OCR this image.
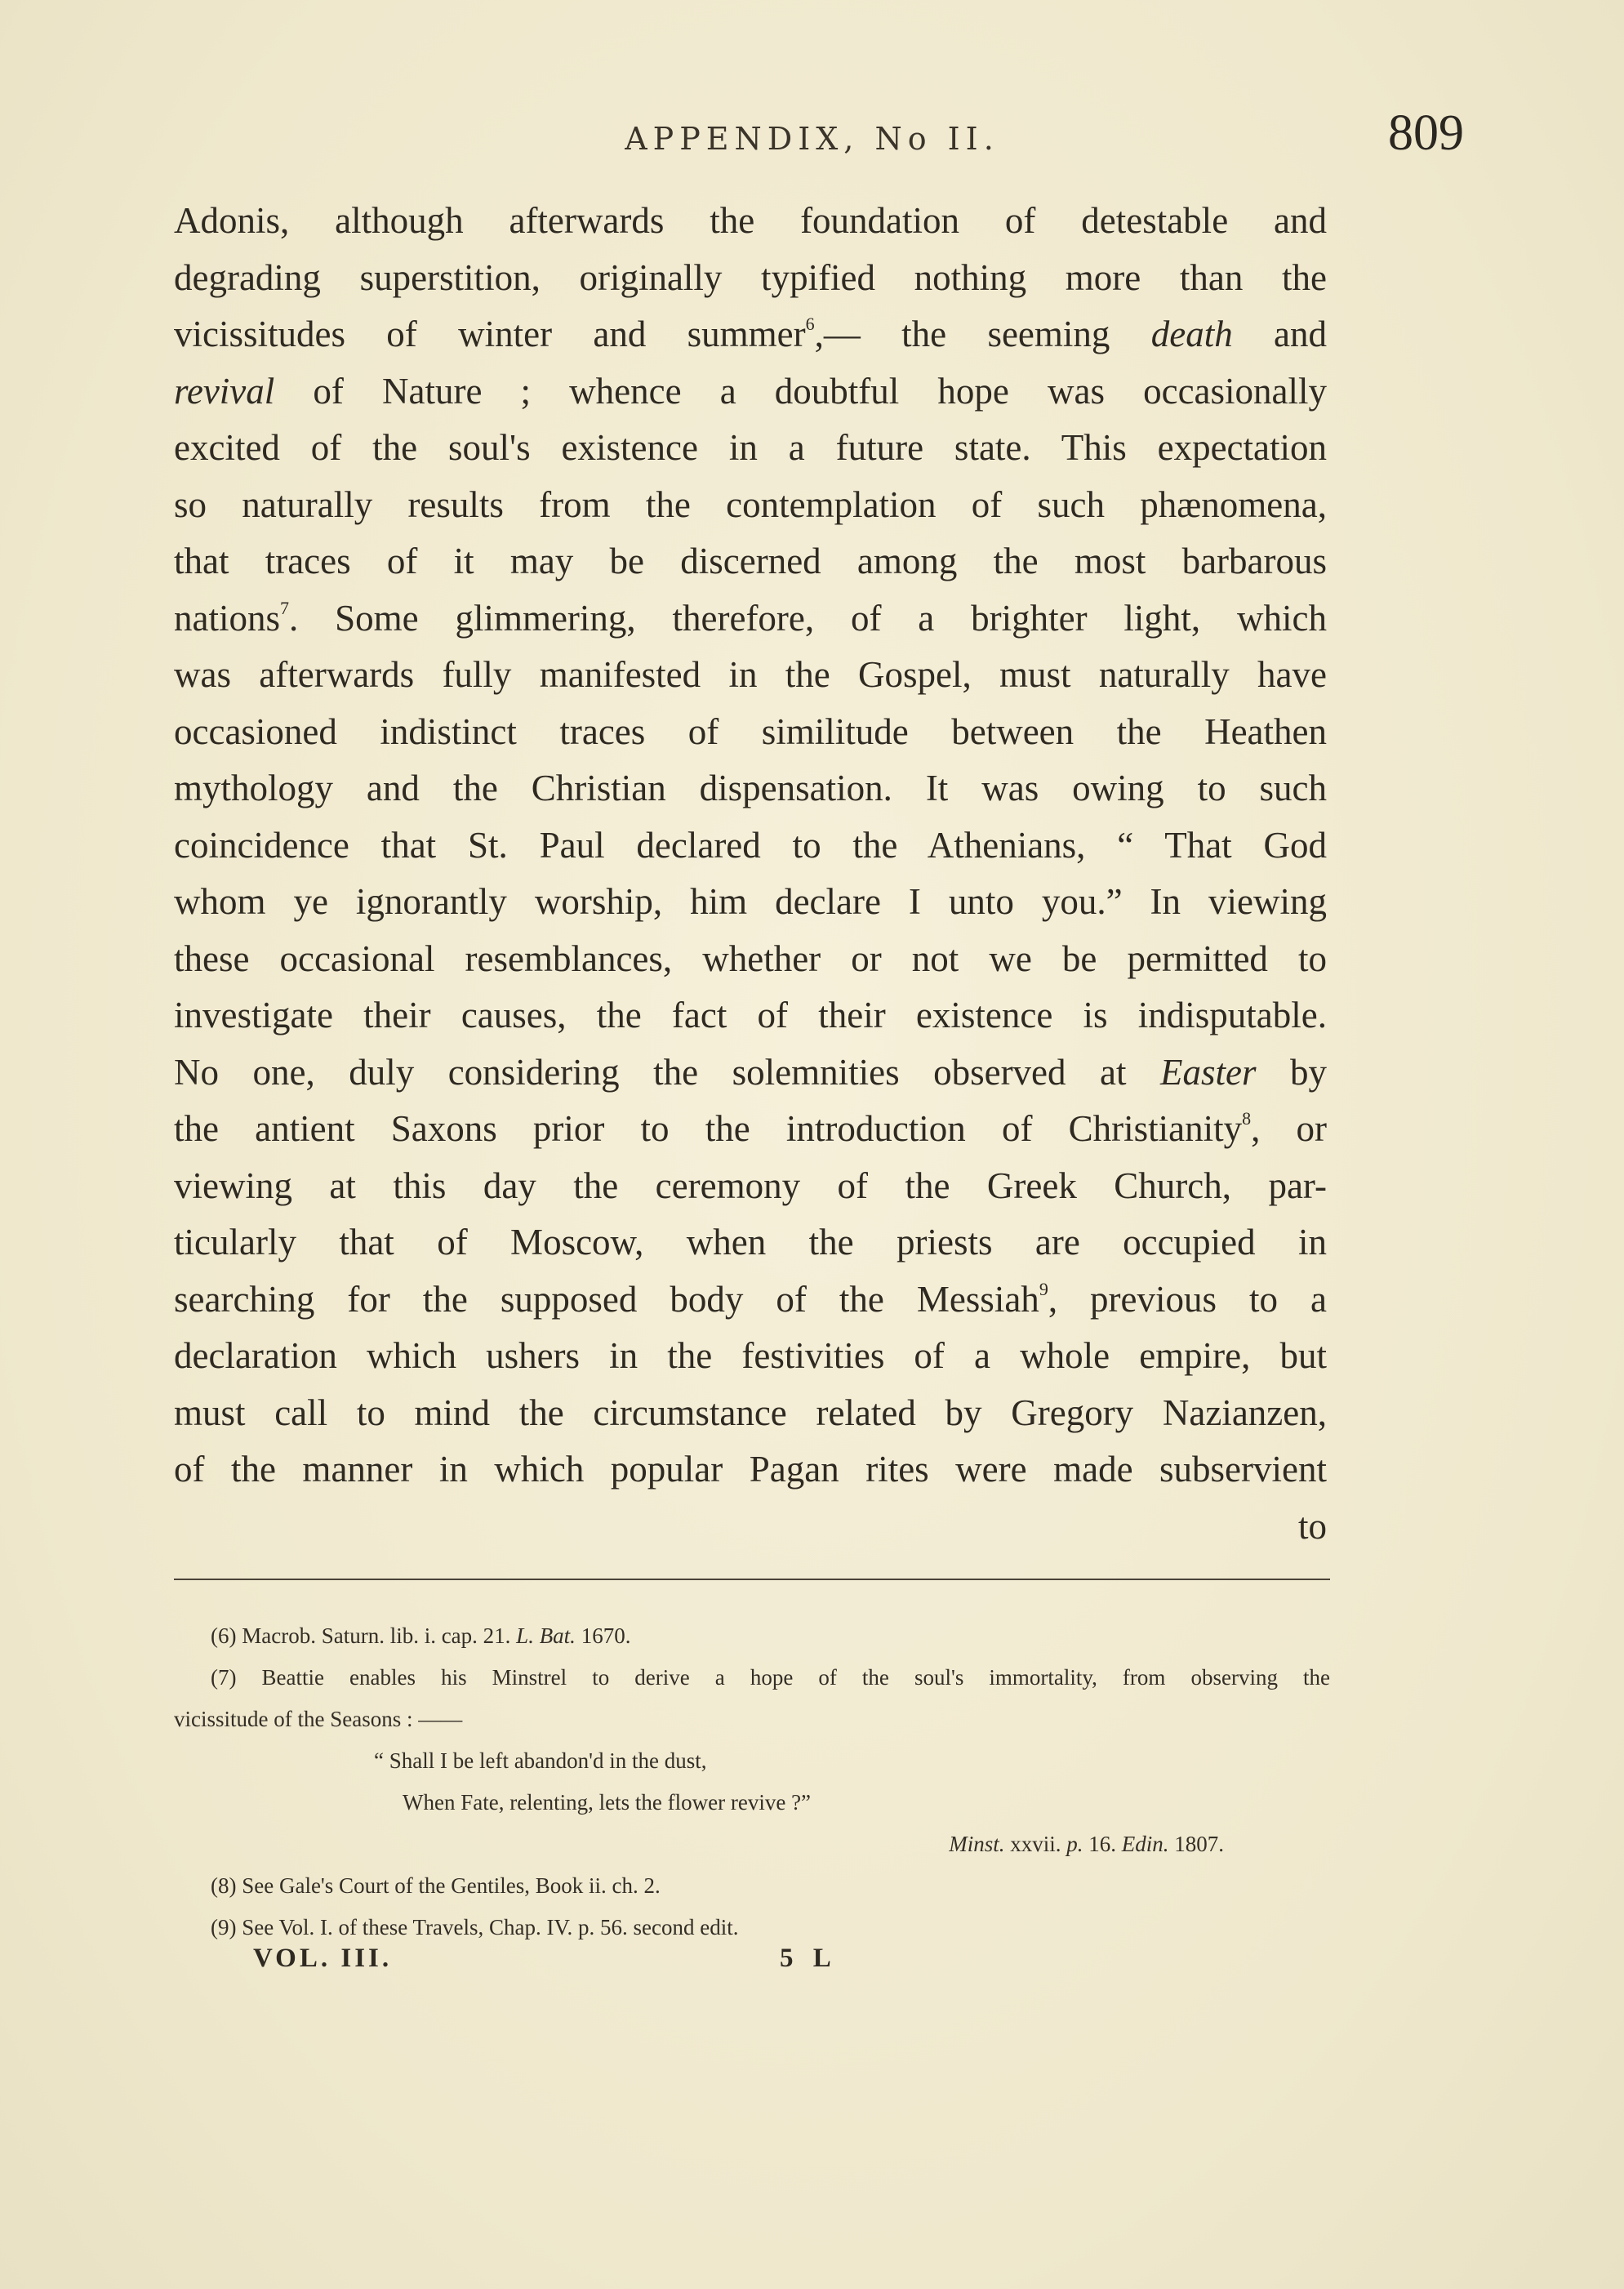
APPENDIX, No II.	809
Adonis, although afterwards the foundation of detestable and
degrading superstition, originally typified nothing more than the
vicissitudes of winter and summer$^6$,— the seeming death and
revival of Nature ; whence a doubtful hope was occasionally
excited of the soul's existence in a future state. This expectation
so naturally results from the contemplation of such phænomena,
that traces of it may be discerned among the most barbarous
nations$^7$. Some glimmering, therefore, of a brighter light, which
was afterwards fully manifested in the Gospel, must naturally have
occasioned indistinct traces of similitude between the Heathen
mythology and the Christian dispensation. It was owing to such
coincidence that St. Paul declared to the Athenians, “ That God
whom ye ignorantly worship, him declare I unto you.” In viewing
these occasional resemblances, whether or not we be permitted to
investigate their causes, the fact of their existence is indisputable.
No one, duly considering the solemnities observed at Easter by
the antient Saxons prior to the introduction of Christianity$^8$, or
viewing at this day the ceremony of the Greek Church, par-
ticularly that of Moscow, when the priests are occupied in
searching for the supposed body of the Messiah$^9$, previous to a
declaration which ushers in the festivities of a whole empire, but
must call to mind the circumstance related by Gregory Nazianzen,
of the manner in which popular Pagan rites were made subservient
to
(6) Macrob. Saturn. lib. i. cap. 21. L. Bat. 1670.
(7) Beattie enables his Minstrel to derive a hope of the soul's immortality, from observing the
vicissitude of the Seasons : ——
“ Shall I be left abandon'd in the dust,
When Fate, relenting, lets the flower revive ?”
Minst. xxvii. p. 16. Edin. 1807.
(8) See Gale's Court of the Gentiles, Book ii. ch. 2.
(9) See Vol. I. of these Travels, Chap. IV. p. 56. second edit.
VOL. III.	5 L
